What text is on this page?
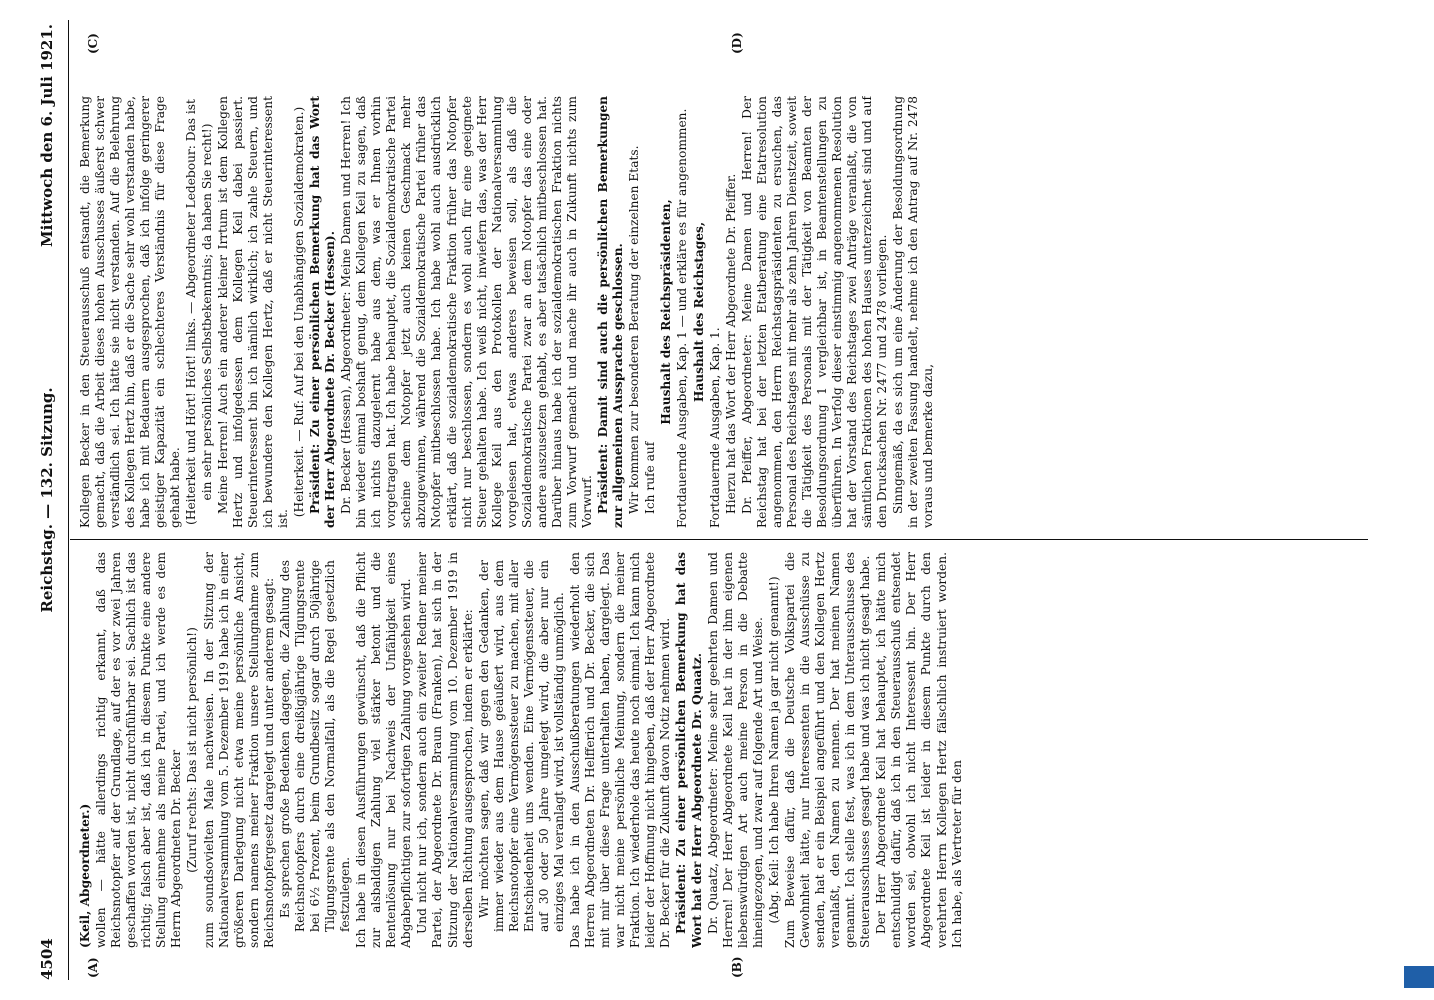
4504
Reichstag. — 132. Sitzung.
Mittwoch den 6. Juli 1921.
(A)	(B)
(C)	(D)

(Keil, Abgeordneter.) wollen — hätte allerdings richtig erkannt, daß das Reichsnotopfer auf der Grundlage, auf der es vor zwei Jahren geschaffen worden ist, nicht durchführbar sei. Sachlich ist das richtig; falsch aber ist, daß ich in diesem Punkte eine andere Stellung einnehme als meine Partei, und ich werde es dem Herrn Abgeordneten Dr. Becker (Zuruf rechts: Das ist nicht persönlich!) zum soundsovielten Male nachweisen. In der Sitzung der Nationalversammlung vom 5. Dezember 1919 habe ich in einer größeren Darlegung nicht etwa meine persönliche Ansicht, sondern namens meiner Fraktion unsere Stellungnahme zum Reichsnotopfergesetz dargelegt und unter anderem gesagt: Es sprechen große Bedenken dagegen, die Zahlung des Reichsnotopfers durch eine dreißigjährige Tilgungsrente bei 6½ Prozent, beim Grundbesitz sogar durch 50jährige Tilgungsrente als den Normalfall, als die Regel gesetzlich festzulegen. Ich habe in diesen Ausführungen gewünscht, daß die Pflicht zur alsbaldigen Zahlung viel stärker betont und die Rentenlösung nur bei Nachweis der Unfähigkeit eines Abgabepflichtigen zur sofortigen Zahlung vorgesehen wird. Und nicht nur ich, sondern auch ein zweiter Redner meiner Partei, der Abgeordnete Dr. Braun (Franken), hat sich in der Sitzung der Nationalversammlung vom 10. Dezember 1919 in derselben Richtung ausgesprochen, indem er erklärte: Wir möchten sagen, daß wir gegen den Gedanken, der immer wieder aus dem Hause geäußert wird, aus dem Reichsnotopfer eine Vermögenssteuer zu machen, mit aller Entschiedenheit uns wenden. Eine Vermögenssteuer, die auf 30 oder 50 Jahre umgelegt wird, die aber nur ein einziges Mal veranlagt wird, ist vollständig unmöglich. Das habe ich in den Ausschußberatungen wiederholt den Herren Abgeordneten Dr. Helfferich und Dr. Becker, die sich mit mir über diese Frage unterhalten haben, dargelegt. Das war nicht meine persönliche Meinung, sondern die meiner Fraktion. Ich wiederhole das heute noch einmal. Ich kann mich leider der Hoffnung nicht hingeben, daß der Herr Abgeordnete Dr. Becker für die Zukunft davon Notiz nehmen wird. Präsident: Zu einer persönlichen Bemerkung hat das Wort hat der Herr Abgeordnete Dr. Quaatz. Dr. Quaatz, Abgeordneter: Meine sehr geehrten Damen und Herren! Der Herr Abgeordnete Keil hat in der ihm eigenen liebenswürdigen Art auch meine Person in die Debatte hineingezogen, und zwar auf folgende Art und Weise. (Abg. Keil: Ich habe Ihren Namen ja gar nicht genannt!) Zum Beweise dafür, daß die Deutsche Volkspartei die Gewohnheit hätte, nur Interessenten in die Ausschüsse zu senden, hat er ein Beispiel angeführt und den Kollegen Hertz veranlaßt, den Namen zu nennen. Der hat meinen Namen genannt. Ich stelle fest, was ich in dem Unterausschusse des Steuerausschusses gesagt habe und was ich nicht gesagt habe. Der Herr Abgeordnete Keil hat behauptet, ich hätte mich entschuldigt dafür, daß ich in den Steuerausschuß entsendet worden sei, obwohl ich nicht Interessent bin. Der Herr Abgeordnete Keil ist leider in diesem Punkte durch den verehrten Herrn Kollegen Hertz fälschlich instruiert worden. Ich habe, als Vertreter für den

Kollegen Becker in den Steuerausschuß entsandt, die Bemerkung gemacht, daß die Arbeit dieses hohen Ausschusses äußerst schwer verständlich sei. Ich hätte sie nicht verstanden. Auf die Belehrung des Kollegen Hertz hin, daß er die Sache sehr wohl verstanden habe, habe ich mit Bedauern ausgesprochen, daß ich infolge geringerer geistiger Kapazität ein schlechteres Verständnis für diese Frage gehabt habe. (Heiterkeit und Hört! Hört! links. — Abgeordneter Ledebour: Das ist ein sehr persönliches Selbstbekenntnis; da haben Sie recht!) Meine Herren! Auch ein anderer kleiner Irrtum ist dem Kollegen Hertz und infolgedessen dem Kollegen Keil dabei passiert. Steuerinteressent bin ich nämlich wirklich; ich zahle Steuern, und ich bewundere den Kollegen Hertz, daß er nicht Steuerinteressent ist.

(Heiterkeit. — Ruf: Auf bei den Unabhängigen Sozialdemokraten.) Präsident: Zu einer persönlichen Bemerkung hat das Wort der Herr Abgeordnete Dr. Becker (Hessen). Dr. Becker (Hessen), Abgeordneter: Meine Damen und Herren! Ich bin wieder einmal boshaft genug, dem Kollegen Keil zu sagen, daß ich nichts dazugelernt habe aus dem, was er Ihnen vorhin vorgetragen hat. Ich habe behauptet, die Sozialdemokratische Partei scheine dem Notopfer jetzt auch keinen Geschmack mehr abzugewinnen, während die Sozialdemokratische Partei früher das Notopfer mitbeschlossen habe. Ich habe wohl auch ausdrücklich erklärt, daß die sozialdemokratische Fraktion früher das Notopfer nicht nur beschlossen, sondern es wohl auch für eine geeignete Steuer gehalten habe. Ich weiß nicht, inwiefern das, was der Herr Kollege Keil aus den Protokollen der Nationalversammlung vorgelesen hat, etwas anderes beweisen soll, als daß die Sozialdemokratische Partei zwar an dem Notopfer das eine oder andere auszusetzen gehabt, es aber tatsächlich mitbeschlossen hat. Darüber hinaus habe ich der sozialdemokratischen Fraktion nichts zum Vorwurf gemacht und mache ihr auch in Zukunft nichts zum Vorwurf. Präsident: Damit sind auch die persönlichen Bemerkungen zur allgemeinen Aussprache geschlossen. Wir kommen zur besonderen Beratung der einzelnen Etats. Ich rufe auf

Haushalt des Reichspräsidenten, Fortdauernde Ausgaben, Kap. 1 — und erkläre es für angenommen. Haushalt des Reichstages,

Fortdauernde Ausgaben, Kap. 1. Hierzu hat das Wort der Herr Abgeordnete Dr. Pfeiffer. Dr. Pfeiffer, Abgeordneter: Meine Damen und Herren! Der Reichstag hat bei der letzten Etatberatung eine Etatresolution angenommen, den Herrn Reichstagspräsidenten zu ersuchen, das Personal des Reichstages mit mehr als zehn Jahren Dienstzeit, soweit die Tätigkeit des Personals mit der Tätigkeit von Beamten der Besoldungsordnung 1 vergleichbar ist, in Beamtenstellungen zu überführen. In Verfolg dieser einstimmig angenommenen Resolution hat der Vorstand des Reichstages zwei Anträge veranlaßt, die von sämtlichen Fraktionen des hohen Hauses unterzeichnet sind und auf den Drucksachen Nr. 2477 und 2478 vorliegen. Sinngemäß, da es sich um eine Änderung der Besoldungsordnung in der zweiten Fassung handelt, nehme ich den Antrag auf Nr. 2478 voraus und bemerke dazu,
